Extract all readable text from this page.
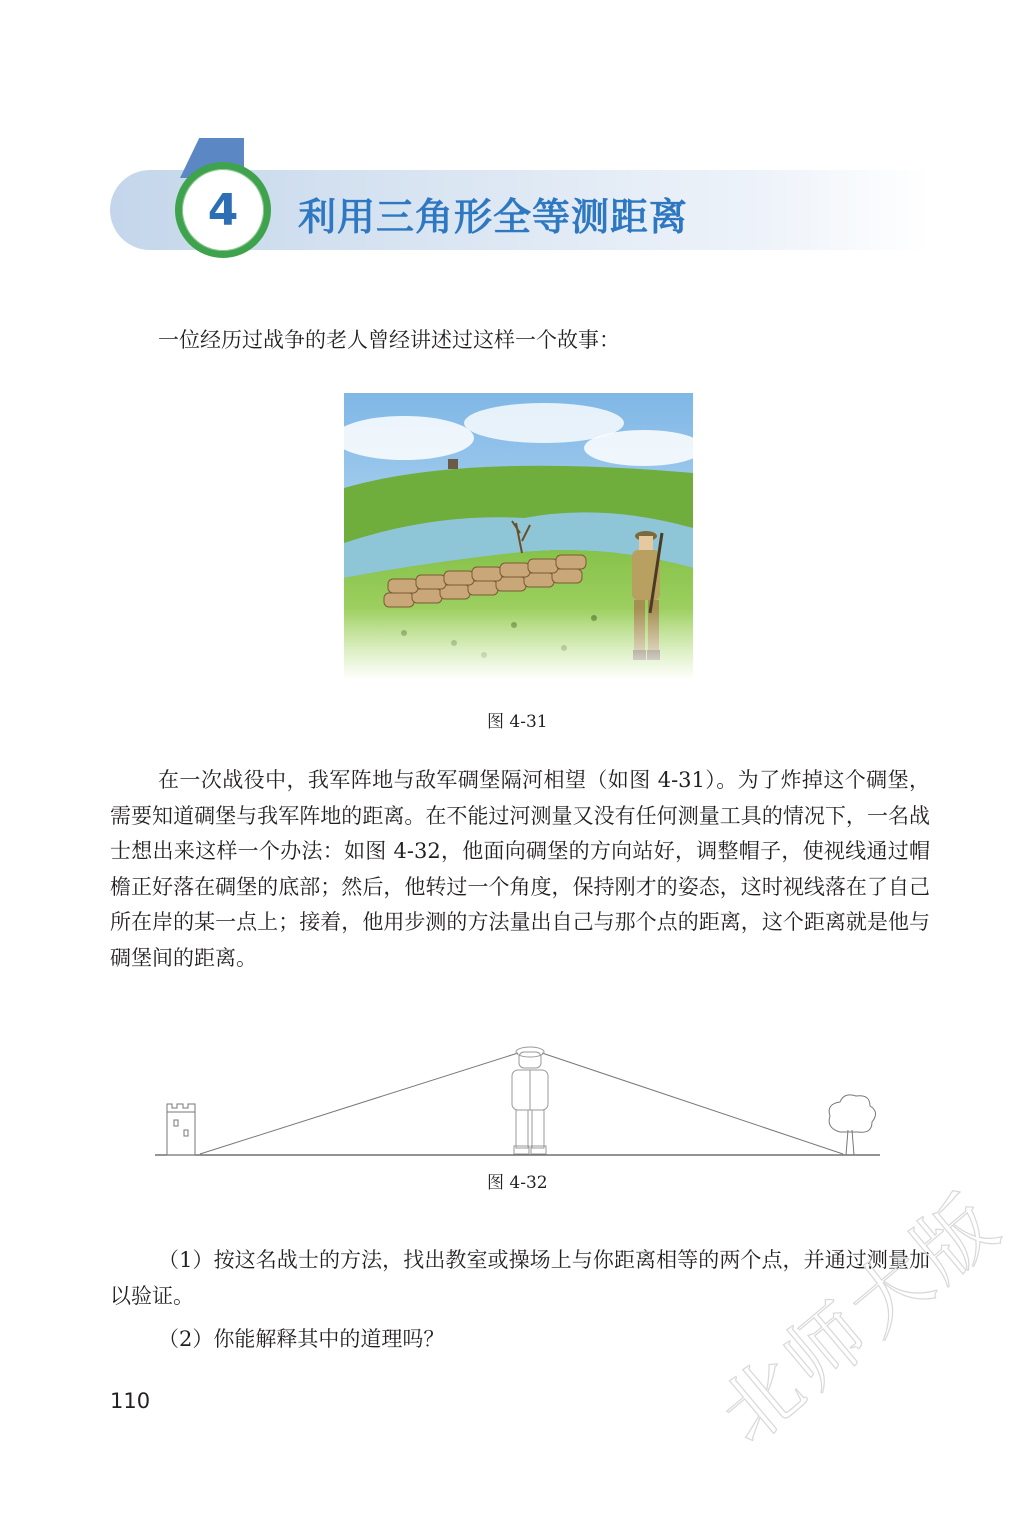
4 利用三角形全等测距离

一位经历过战争的老人曾经讲述过这样一个故事：

图 4-31

在一次战役中，我军阵地与敌军碉堡隔河相望（如图 4-31）。为了炸掉这个碉堡，需要知道碉堡与我军阵地的距离。在不能过河测量又没有任何测量工具的情况下，一名战士想出来这样一个办法：如图 4-32，他面向碉堡的方向站好，调整帽子，使视线通过帽檐正好落在碉堡的底部；然后，他转过一个角度，保持刚才的姿态，这时视线落在了自己所在岸的某一点上；接着，他用步测的方法量出自己与那个点的距离，这个距离就是他与碉堡间的距离。

图 4-32

（1）按这名战士的方法，找出教室或操场上与你距离相等的两个点，并通过测量加以验证。

（2）你能解释其中的道理吗？

110	北师大版
